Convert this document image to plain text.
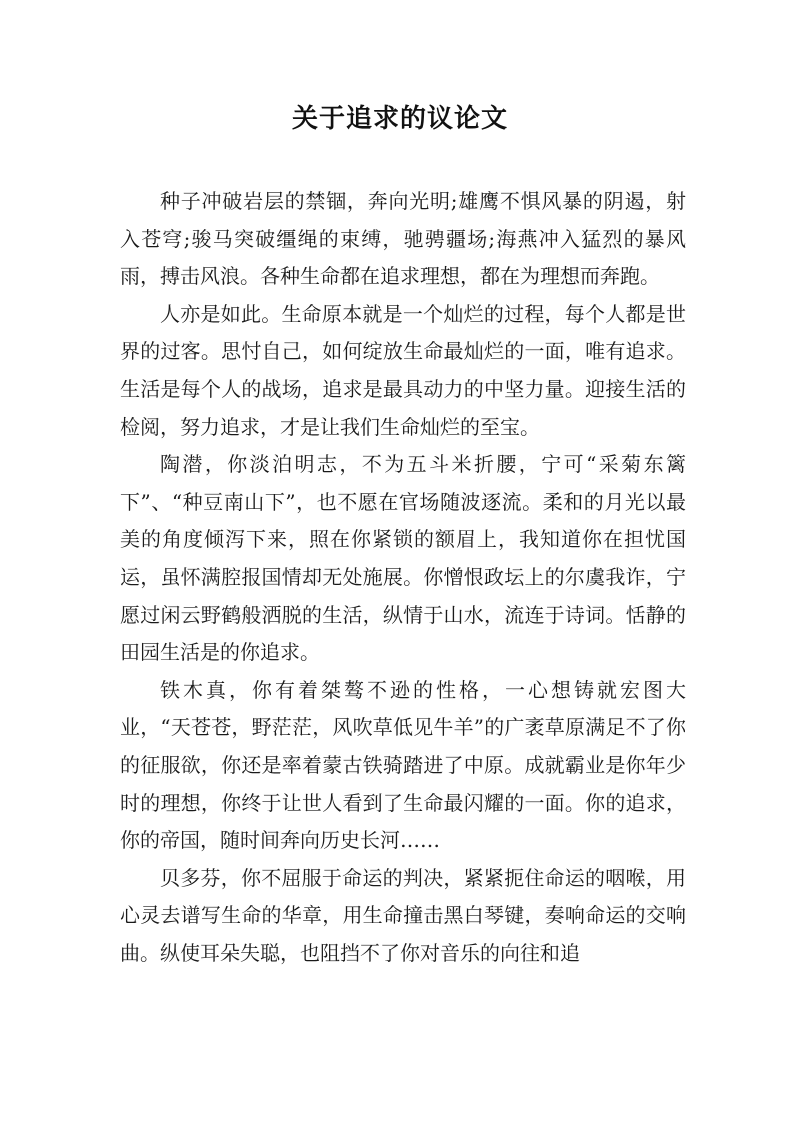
关于追求的议论文

种子冲破岩层的禁锢，奔向光明;雄鹰不惧风暴的阴遏，射入苍穹;骏马突破缰绳的束缚，驰骋疆场;海燕冲入猛烈的暴风雨，搏击风浪。各种生命都在追求理想，都在为理想而奔跑。

人亦是如此。生命原本就是一个灿烂的过程，每个人都是世界的过客。思忖自己，如何绽放生命最灿烂的一面，唯有追求。生活是每个人的战场，追求是最具动力的中坚力量。迎接生活的检阅，努力追求，才是让我们生命灿烂的至宝。

陶潜，你淡泊明志，不为五斗米折腰，宁可“采菊东篱下”、“种豆南山下”，也不愿在官场随波逐流。柔和的月光以最美的角度倾泻下来，照在你紧锁的额眉上，我知道你在担忧国运，虽怀满腔报国情却无处施展。你憎恨政坛上的尔虞我诈，宁愿过闲云野鹤般洒脱的生活，纵情于山水，流连于诗词。恬静的田园生活是的你追求。

铁木真，你有着桀骜不逊的性格，一心想铸就宏图大业，“天苍苍，野茫茫，风吹草低见牛羊”的广袤草原满足不了你的征服欲，你还是率着蒙古铁骑踏进了中原。成就霸业是你年少时的理想，你终于让世人看到了生命最闪耀的一面。你的追求，你的帝国，随时间奔向历史长河……

贝多芬，你不屈服于命运的判决，紧紧扼住命运的咽喉，用心灵去谱写生命的华章，用生命撞击黑白琴键，奏响命运的交响曲。纵使耳朵失聪，也阻挡不了你对音乐的向往和追
